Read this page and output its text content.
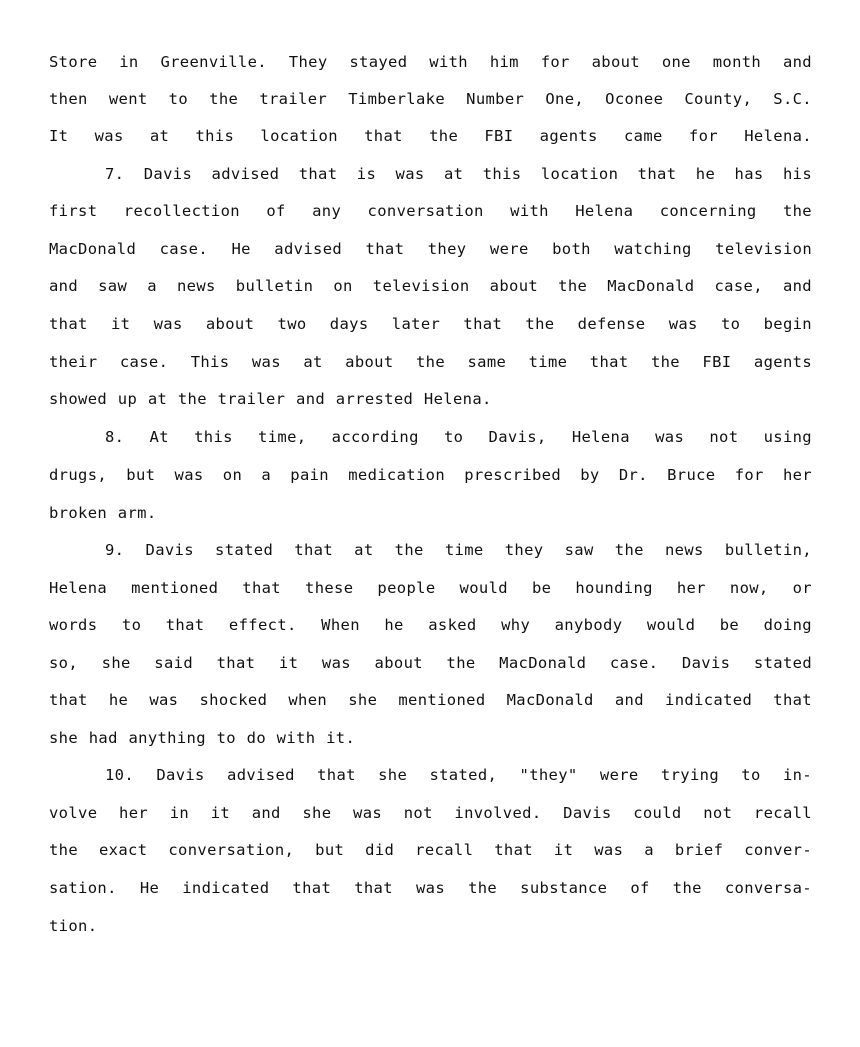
Store in Greenville. They stayed with him for about one month and
then went to the trailer Timberlake Number One, Oconee County, S.C.
It was at this location that the FBI agents came for Helena.
7. Davis advised that is was at this location that he has his
first recollection of any conversation with Helena concerning the
MacDonald case. He advised that they were both watching television
and saw a news bulletin on television about the MacDonald case, and
that it was about two days later that the defense was to begin
their case. This was at about the same time that the FBI agents
showed up at the trailer and arrested Helena.
8. At this time, according to Davis, Helena was not using
drugs, but was on a pain medication prescribed by Dr. Bruce for her
broken arm.
9. Davis stated that at the time they saw the news bulletin,
Helena mentioned that these people would be hounding her now, or
words to that effect. When he asked why anybody would be doing
so, she said that it was about the MacDonald case. Davis stated
that he was shocked when she mentioned MacDonald and indicated that
she had anything to do with it.
10. Davis advised that she stated, "they" were trying to in-
volve her in it and she was not involved. Davis could not recall
the exact conversation, but did recall that it was a brief conver-
sation. He indicated that that was the substance of the conversa-
tion.
